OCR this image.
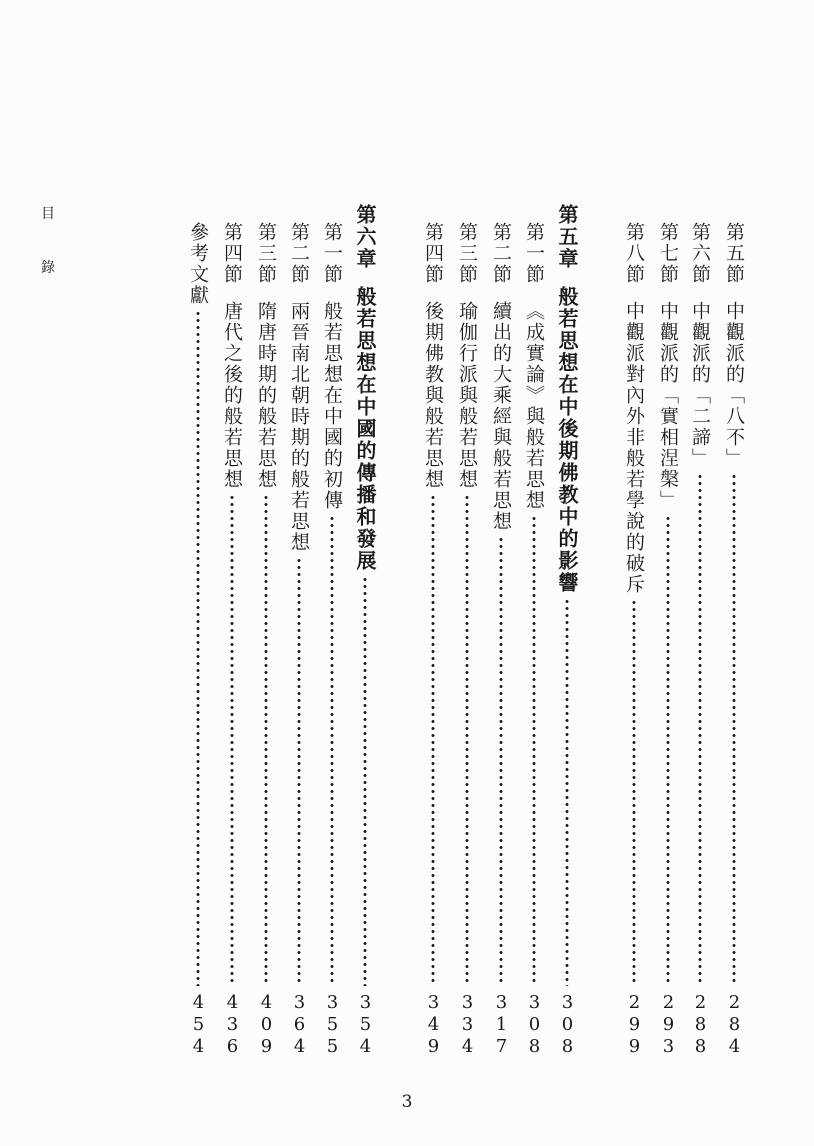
目
錄	第五節
中觀派的「八不」
284
第六節
中觀派的「二諦」
288
第七節
中觀派的「實相涅槃」
293
第八節
中觀派對內外非般若學說的破斥
299
第五章
般若思想在中後期佛教中的影響
308
第一節
《成實論》與般若思想
308
第二節
續出的大乘經與般若思想
317
第三節
瑜伽行派與般若思想
334
第四節
後期佛教與般若思想
349
第六章
般若思想在中國的傳播和發展
354
第一節
般若思想在中國的初傳
355
第二節
兩晉南北朝時期的般若思想
364
第三節
隋唐時期的般若思想
409
第四節
唐代之後的般若思想
436
參考文獻
454
3
